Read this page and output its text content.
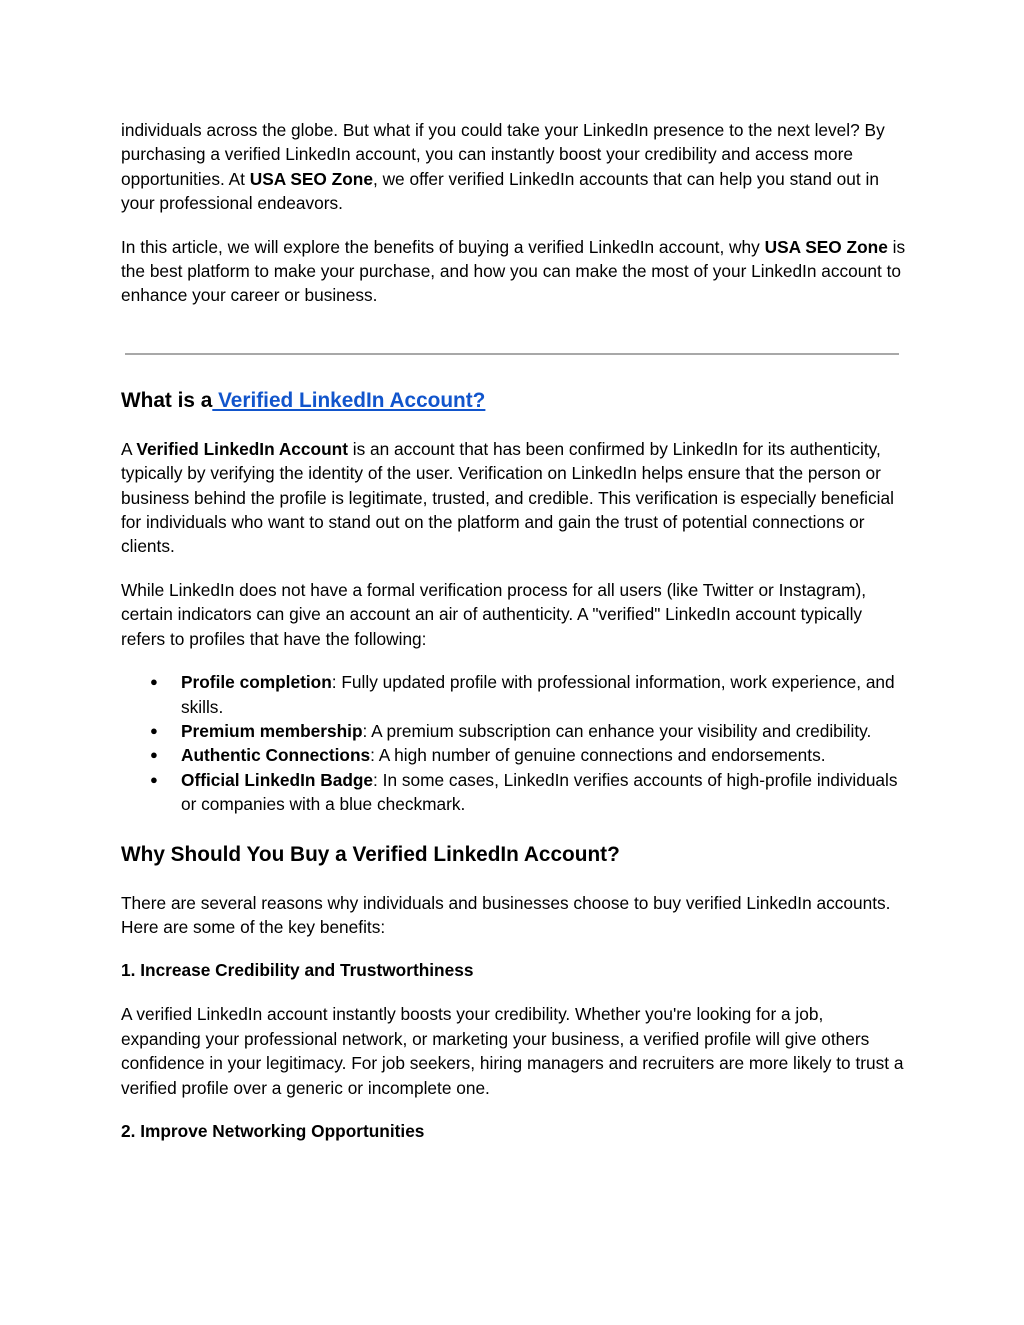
individuals across the globe. But what if you could take your LinkedIn presence to the next level? By purchasing a verified LinkedIn account, you can instantly boost your credibility and access more opportunities. At USA SEO Zone, we offer verified LinkedIn accounts that can help you stand out in your professional endeavors.

In this article, we will explore the benefits of buying a verified LinkedIn account, why USA SEO Zone is the best platform to make your purchase, and how you can make the most of your LinkedIn account to enhance your career or business.

What is a Verified LinkedIn Account?

A Verified LinkedIn Account is an account that has been confirmed by LinkedIn for its authenticity, typically by verifying the identity of the user. Verification on LinkedIn helps ensure that the person or business behind the profile is legitimate, trusted, and credible. This verification is especially beneficial for individuals who want to stand out on the platform and gain the trust of potential connections or clients.

While LinkedIn does not have a formal verification process for all users (like Twitter or Instagram), certain indicators can give an account an air of authenticity. A "verified" LinkedIn account typically refers to profiles that have the following:

● Profile completion: Fully updated profile with professional information, work experience, and skills.
● Premium membership: A premium subscription can enhance your visibility and credibility.
● Authentic Connections: A high number of genuine connections and endorsements.
● Official LinkedIn Badge: In some cases, LinkedIn verifies accounts of high-profile individuals or companies with a blue checkmark.
Why Should You Buy a Verified LinkedIn Account?

There are several reasons why individuals and businesses choose to buy verified LinkedIn accounts. Here are some of the key benefits:

1. Increase Credibility and Trustworthiness

A verified LinkedIn account instantly boosts your credibility. Whether you're looking for a job, expanding your professional network, or marketing your business, a verified profile will give others confidence in your legitimacy. For job seekers, hiring managers and recruiters are more likely to trust a verified profile over a generic or incomplete one.

2. Improve Networking Opportunities
